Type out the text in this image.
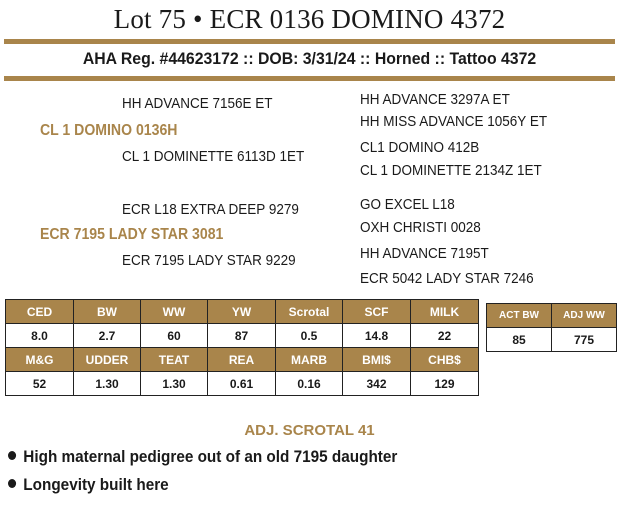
Lot 75 • ECR 0136 DOMINO 4372
AHA Reg. #44623172 :: DOB: 3/31/24 :: Horned :: Tattoo 4372
HH ADVANCE 7156E ET	HH ADVANCE 3297A ET
HH MISS ADVANCE 1056Y ET
CL 1 DOMINO 0136H
CL 1 DOMINETTE 6113D 1ET
CL1 DOMINO 412B
CL 1 DOMINETTE 2134Z 1ET
ECR L18 EXTRA DEEP 9279	GO EXCEL L18
OXH CHRISTI 0028
ECR 7195 LADY STAR 3081
ECR 7195 LADY STAR 9229	HH ADVANCE 7195T
ECR 5042 LADY STAR 7246
CED	BW	WW	YW	Scrotal	SCF	MILK
8.0	2.7	60	87	0.5	14.8	22
M&G	UDDER	TEAT	REA	MARB	BMI$	CHB$
52	1.30	1.30	0.61	0.16	342	129
ACT BW	ADJ WW
85	775
ADJ. SCROTAL 41
High maternal pedigree out of an old 7195 daughter
Longevity built here
